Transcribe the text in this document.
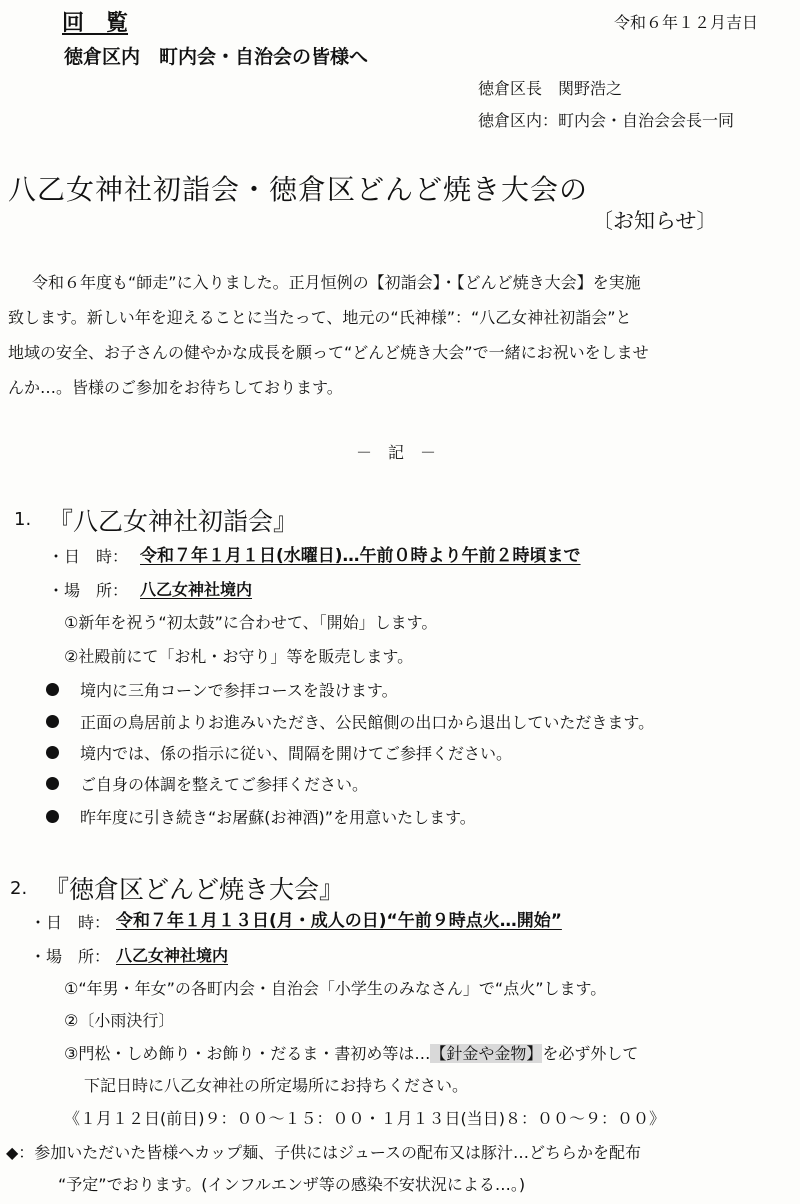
回　覧	令和６年１２月吉日
徳倉区内　町内会・自治会の皆様へ
徳倉区長　関野浩之
徳倉区内：町内会・自治会会長一同
八乙女神社初詣会・徳倉区どんど焼き大会の
〔お知らせ〕
令和６年度も“師走”に入りました。正月恒例の【初詣会】・【どんど焼き大会】を実施
致します。新しい年を迎えることに当たって、地元の“氏神様”：“八乙女神社初詣会”と
地域の安全、お子さんの健やかな成長を願って“どんど焼き大会”で一緒にお祝いをしませ
んか…。皆様のご参加をお待ちしております。
－　記　－
1. 『八乙女神社初詣会』
・日　時： 令和７年１月１日(水曜日)…午前０時より午前２時頃まで
・場　所： 八乙女神社境内
①新年を祝う“初太鼓”に合わせて、「開始」します。
②社殿前にて「お札・お守り」等を販売します。
境内に三角コーンで参拝コースを設けます。
正面の鳥居前よりお進みいただき、公民館側の出口から退出していただきます。
境内では、係の指示に従い、間隔を開けてご参拝ください。
ご自身の体調を整えてご参拝ください。
昨年度に引き続き“お屠蘇(お神酒)”を用意いたします。
2. 『徳倉区どんど焼き大会』
・日　時： 令和７年１月１３日(月・成人の日)“午前９時点火…開始”
・場　所： 八乙女神社境内
①“年男・年女”の各町内会・自治会「小学生のみなさん」で“点火”します。
②〔小雨決行〕
③門松・しめ飾り・お飾り・だるま・書初め等は…【針金や金物】を必ず外して
下記日時に八乙女神社の所定場所にお持ちください。
《１月１２日(前日)９：００～１５：００・１月１３日(当日)８：００～９：００》
◆：参加いただいた皆様へカップ麺、子供にはジュースの配布又は豚汁…どちらかを配布
“予定”でおります。(インフルエンザ等の感染不安状況による…。)
